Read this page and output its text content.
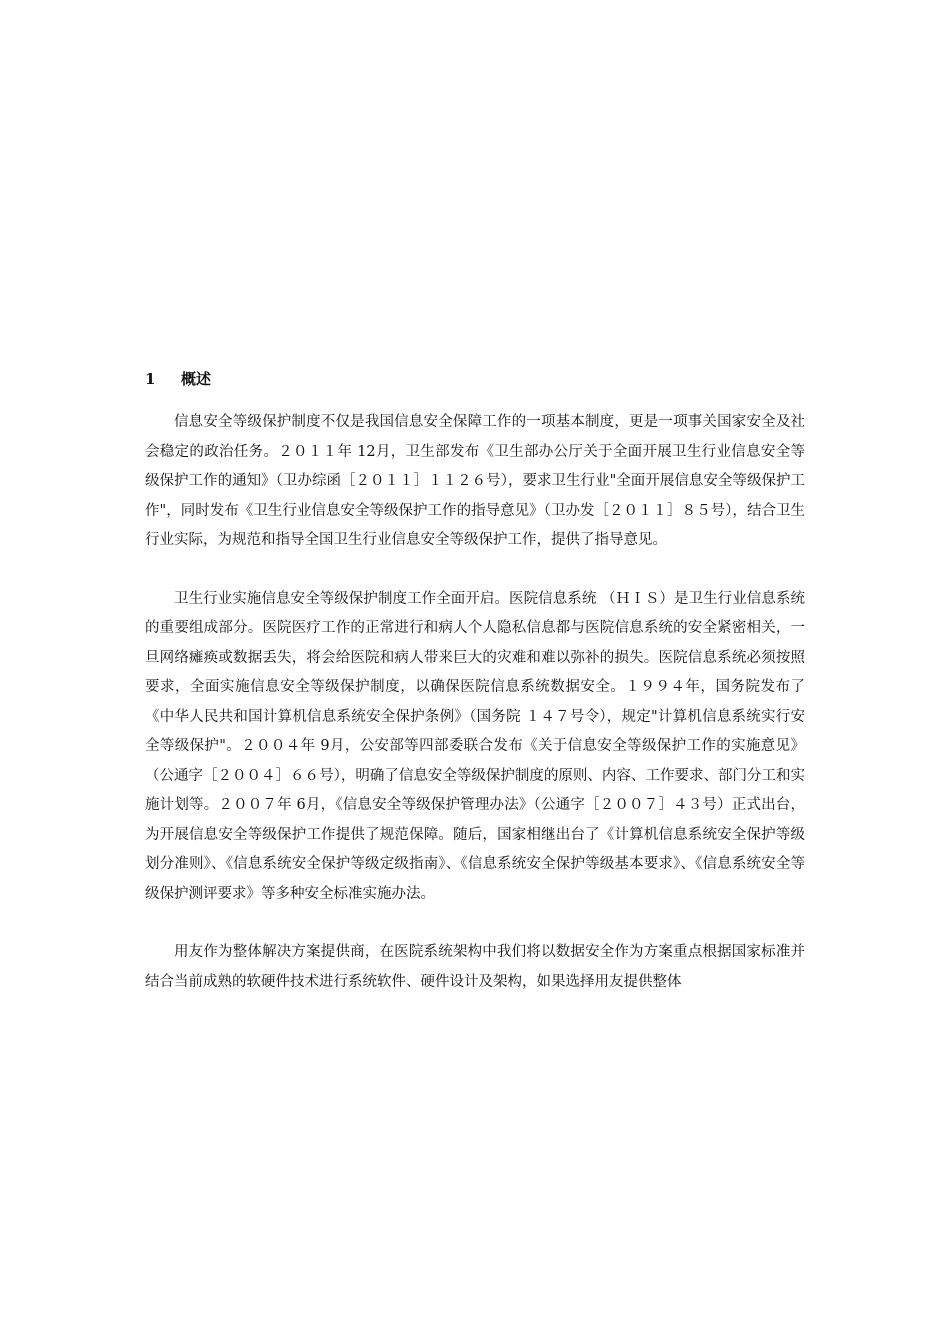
1 概述

信息安全等级保护制度不仅是我国信息安全保障工作的一项基本制度，更是一项事关国家安全及社会稳定的政治任务。２０１１年 12月，卫生部发布《卫生部办公厅关于全面开展卫生行业信息安全等级保护工作的通知》（卫办综函［２０１１］１１２６号），要求卫生行业"全面开展信息安全等级保护工作"，同时发布《卫生行业信息安全等级保护工作的指导意见》（卫办发［２０１１］８５号），结合卫生行业实际，为规范和指导全国卫生行业信息安全等级保护工作，提供了指导意见。

卫生行业实施信息安全等级保护制度工作全面开启。医院信息系统 （ＨＩＳ）是卫生行业信息系统的重要组成部分。医院医疗工作的正常进行和病人个人隐私信息都与医院信息系统的安全紧密相关，一旦网络瘫痪或数据丢失，将会给医院和病人带来巨大的灾难和难以弥补的损失。医院信息系统必须按照要求，全面实施信息安全等级保护制度，以确保医院信息系统数据安全。１９９４年，国务院发布了《中华人民共和国计算机信息系统安全保护条例》（国务院 １４７号令），规定"计算机信息系统实行安全等级保护"。２００４年 9月，公安部等四部委联合发布《关于信息安全等级保护工作的实施意见》（公通字［２００４］６６号），明确了信息安全等级保护制度的原则、内容、工作要求、部门分工和实施计划等。２００７年 6月，《信息安全等级保护管理办法》（公通字［２００７］４３号）正式出台，为开展信息安全等级保护工作提供了规范保障。随后，国家相继出台了《计算机信息系统安全保护等级划分准则》、《信息系统安全保护等级定级指南》、《信息系统安全保护等级基本要求》、《信息系统安全等级保护测评要求》等多种安全标准实施办法。

用友作为整体解决方案提供商，在医院系统架构中我们将以数据安全作为方案重点根据国家标准并结合当前成熟的软硬件技术进行系统软件、硬件设计及架构，如果选择用友提供整体
